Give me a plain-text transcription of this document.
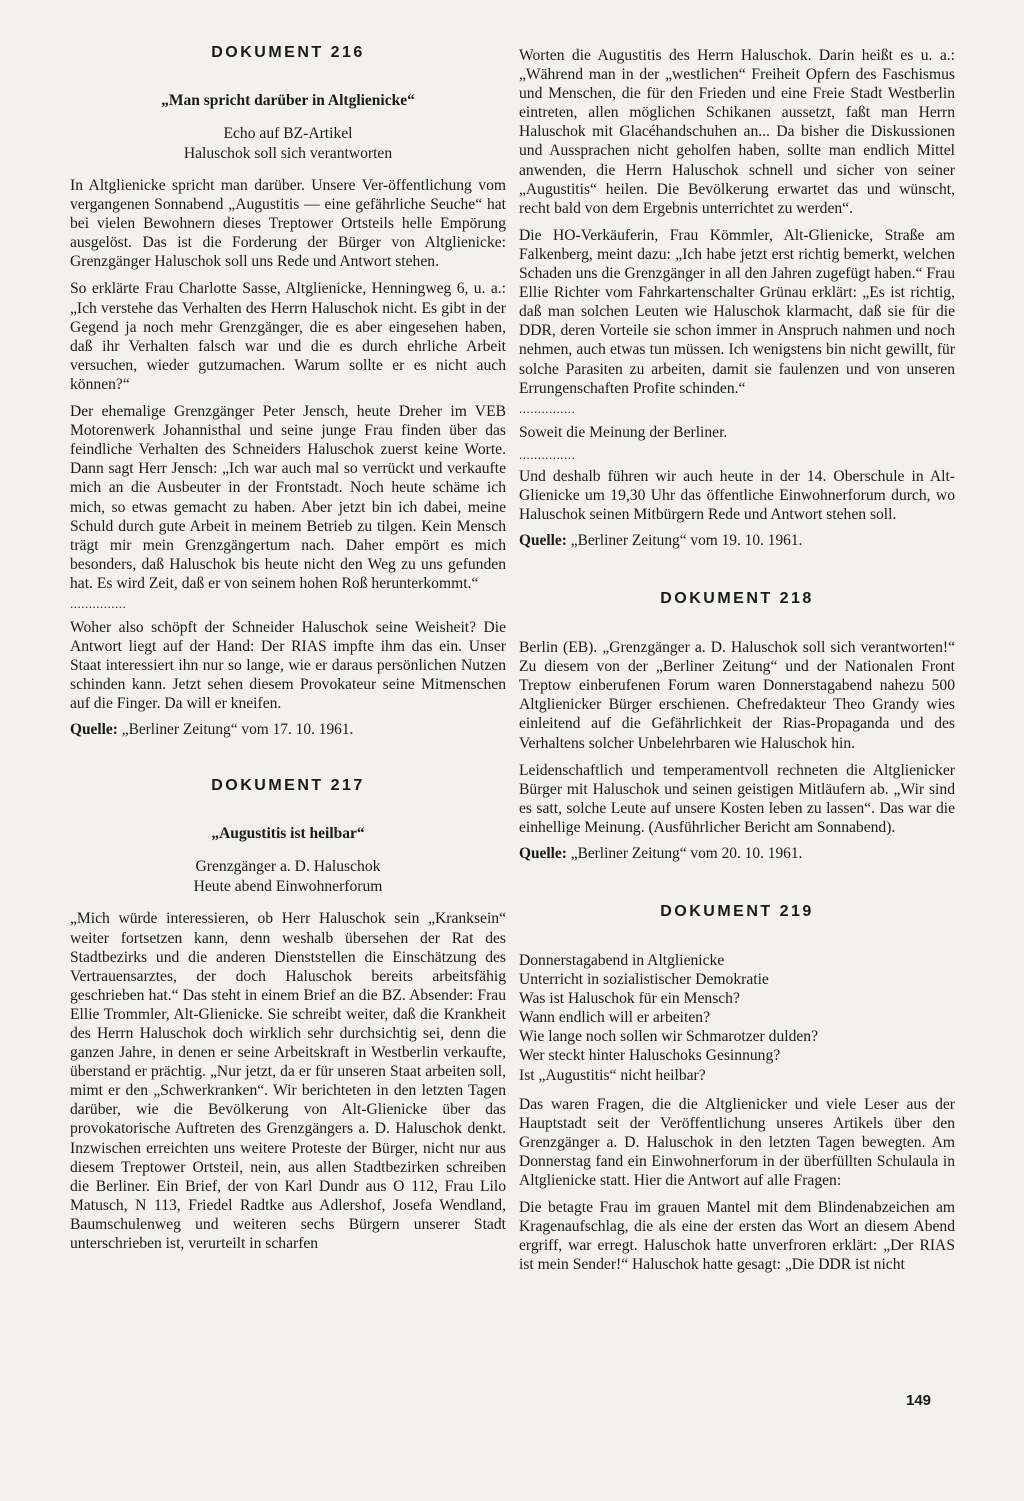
DOKUMENT 216
„Man spricht darüber in Altglienicke“
Echo auf BZ-Artikel
Haluschok soll sich verantworten

In Altglienicke spricht man darüber. Unsere Ver-öffentlichung vom vergangenen Sonnabend „Augustitis — eine gefährliche Seuche“ hat bei vielen Bewohnern dieses Treptower Ortsteils helle Empörung ausgelöst. Das ist die Forderung der Bürger von Altglienicke: Grenzgänger Haluschok soll uns Rede und Antwort stehen.

So erklärte Frau Charlotte Sasse, Altglienicke, Henningweg 6, u. a.: „Ich verstehe das Verhalten des Herrn Haluschok nicht. Es gibt in der Gegend ja noch mehr Grenzgänger, die es aber eingesehen haben, daß ihr Verhalten falsch war und die es durch ehrliche Arbeit versuchen, wieder gutzumachen. Warum sollte er es nicht auch können?“

Der ehemalige Grenzgänger Peter Jensch, heute Dreher im VEB Motorenwerk Johannisthal und seine junge Frau finden über das feindliche Verhalten des Schneiders Haluschok zuerst keine Worte. Dann sagt Herr Jensch: „Ich war auch mal so verrückt und verkaufte mich an die Ausbeuter in der Frontstadt. Noch heute schäme ich mich, so etwas gemacht zu haben. Aber jetzt bin ich dabei, meine Schuld durch gute Arbeit in meinem Betrieb zu tilgen. Kein Mensch trägt mir mein Grenzgängertum nach. Daher empört es mich besonders, daß Haluschok bis heute nicht den Weg zu uns gefunden hat. Es wird Zeit, daß er von seinem hohen Roß herunterkommt.“

...............

Woher also schöpft der Schneider Haluschok seine Weisheit? Die Antwort liegt auf der Hand: Der RIAS impfte ihm das ein. Unser Staat interessiert ihn nur so lange, wie er daraus persönlichen Nutzen schinden kann. Jetzt sehen diesem Provokateur seine Mitmenschen auf die Finger. Da will er kneifen.

Quelle: „Berliner Zeitung“ vom 17. 10. 1961.

DOKUMENT 217
„Augustitis ist heilbar“
Grenzgänger a. D. Haluschok
Heute abend Einwohnerforum

„Mich würde interessieren, ob Herr Haluschok sein „Kranksein“ weiter fortsetzen kann, denn weshalb übersehen der Rat des Stadtbezirks und die anderen Dienststellen die Einschätzung des Vertrauensarztes, der doch Haluschok bereits arbeitsfähig geschrieben hat.“ Das steht in einem Brief an die BZ. Absender: Frau Ellie Trommler, Alt-Glienicke. Sie schreibt weiter, daß die Krankheit des Herrn Haluschok doch wirklich sehr durchsichtig sei, denn die ganzen Jahre, in denen er seine Arbeitskraft in Westberlin verkaufte, überstand er prächtig. „Nur jetzt, da er für unseren Staat arbeiten soll, mimt er den „Schwerkranken“. Wir berichteten in den letzten Tagen darüber, wie die Bevölkerung von Alt-Glienicke über das provokatorische Auftreten des Grenzgängers a. D. Haluschok denkt. Inzwischen erreichten uns weitere Proteste der Bürger, nicht nur aus diesem Treptower Ortsteil, nein, aus allen Stadtbezirken schreiben die Berliner. Ein Brief, der von Karl Dundr aus O 112, Frau Lilo Matusch, N 113, Friedel Radtke aus Adlershof, Josefa Wendland, Baumschulenweg und weiteren sechs Bürgern unserer Stadt unterschrieben ist, verurteilt in scharfen

Worten die Augustitis des Herrn Haluschok. Darin heißt es u. a.: „Während man in der „westlichen“ Freiheit Opfern des Faschismus und Menschen, die für den Frieden und eine Freie Stadt Westberlin eintreten, allen möglichen Schikanen aussetzt, faßt man Herrn Haluschok mit Glacéhandschuhen an... Da bisher die Diskussionen und Aussprachen nicht geholfen haben, sollte man endlich Mittel anwenden, die Herrn Haluschok schnell und sicher von seiner „Augustitis“ heilen. Die Bevölkerung erwartet das und wünscht, recht bald von dem Ergebnis unterrichtet zu werden“.

Die HO-Verkäuferin, Frau Kömmler, Alt-Glienicke, Straße am Falkenberg, meint dazu: „Ich habe jetzt erst richtig bemerkt, welchen Schaden uns die Grenzgänger in all den Jahren zugefügt haben.“ Frau Ellie Richter vom Fahrkartenschalter Grünau erklärt: „Es ist richtig, daß man solchen Leuten wie Haluschok klarmacht, daß sie für die DDR, deren Vorteile sie schon immer in Anspruch nahmen und noch nehmen, auch etwas tun müssen. Ich wenigstens bin nicht gewillt, für solche Parasiten zu arbeiten, damit sie faulenzen und von unseren Errungenschaften Profite schinden.“

...............

Soweit die Meinung der Berliner.

...............

Und deshalb führen wir auch heute in der 14. Oberschule in Alt-Glienicke um 19,30 Uhr das öffentliche Einwohnerforum durch, wo Haluschok seinen Mitbürgern Rede und Antwort stehen soll.

Quelle: „Berliner Zeitung“ vom 19. 10. 1961.

DOKUMENT 218

Berlin (EB). „Grenzgänger a. D. Haluschok soll sich verantworten!“ Zu diesem von der „Berliner Zeitung“ und der Nationalen Front Treptow einberufenen Forum waren Donnerstagabend nahezu 500 Altglienicker Bürger erschienen. Chefredakteur Theo Grandy wies einleitend auf die Gefährlichkeit der Rias-Propaganda und des Verhaltens solcher Unbelehrbaren wie Haluschok hin.

Leidenschaftlich und temperamentvoll rechneten die Altglienicker Bürger mit Haluschok und seinen geistigen Mitläufern ab. „Wir sind es satt, solche Leute auf unsere Kosten leben zu lassen“. Das war die einhellige Meinung. (Ausführlicher Bericht am Sonnabend).

Quelle: „Berliner Zeitung“ vom 20. 10. 1961.

DOKUMENT 219
Donnerstagabend in Altglienicke
Unterricht in sozialistischer Demokratie
Was ist Haluschok für ein Mensch?
Wann endlich will er arbeiten?
Wie lange noch sollen wir Schmarotzer dulden?
Wer steckt hinter Haluschoks Gesinnung?
Ist „Augustitis“ nicht heilbar?

Das waren Fragen, die die Altglienicker und viele Leser aus der Hauptstadt seit der Veröffentlichung unseres Artikels über den Grenzgänger a. D. Haluschok in den letzten Tagen bewegten. Am Donnerstag fand ein Einwohnerforum in der überfüllten Schulaula in Altglienicke statt. Hier die Antwort auf alle Fragen:

Die betagte Frau im grauen Mantel mit dem Blindenabzeichen am Kragenaufschlag, die als eine der ersten das Wort an diesem Abend ergriff, war erregt. Haluschok hatte unverfroren erklärt: „Der RIAS ist mein Sender!“ Haluschok hatte gesagt: „Die DDR ist nicht

149
